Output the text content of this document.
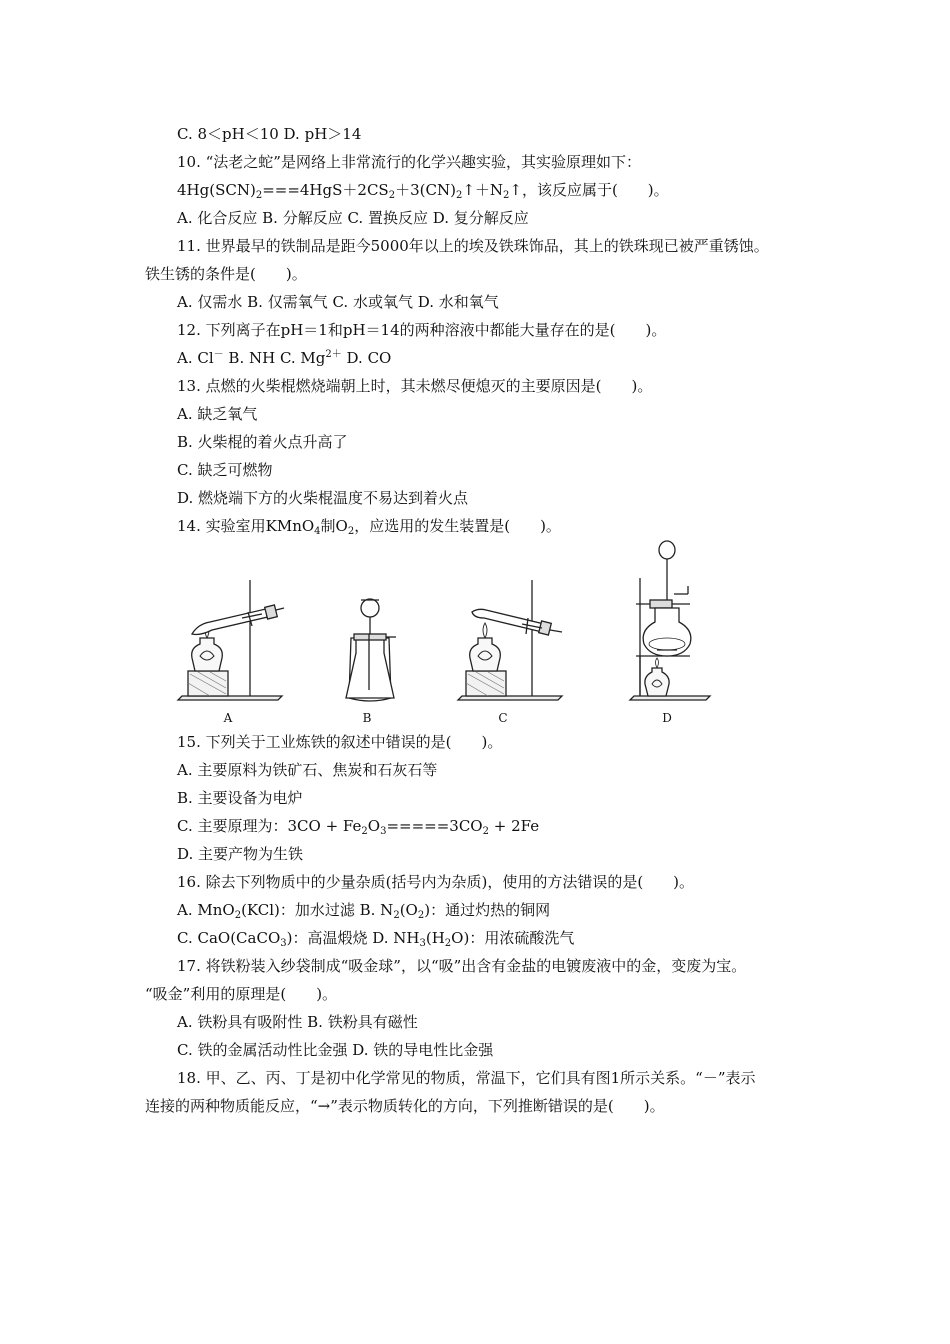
C. 8＜pH＜10 D. pH＞14
10. “法老之蛇”是网络上非常流行的化学兴趣实验，其实验原理如下：
$4Hg(SCN)_2===4HgS+2CS_2+3(CN)_2↑+N_2↑$，该反应属于(　　)。
A. 化合反应 B. 分解反应 C. 置换反应 D. 复分解反应
11. 世界最早的铁制品是距今5000年以上的埃及铁珠饰品，其上的铁珠现已被严重锈蚀。
铁生锈的条件是(　　)。
A. 仅需水 B. 仅需氧气 C. 水或氧气 D. 水和氧气
12. 下列离子在pH＝1和pH＝14的两种溶液中都能大量存在的是(　　)。
A. Cl－ B. NH C. $Mg^{2+}$ D. CO
13. 点燃的火柴棍燃烧端朝上时，其未燃尽便熄灭的主要原因是(　　)。
A. 缺乏氧气
B. 火柴棍的着火点升高了
C. 缺乏可燃物
D. 燃烧端下方的火柴棍温度不易达到着火点
14. 实验室用KMnO$_4$制$O_2$，应选用的发生装置是(　　)。
A	B	C	D
15. 下列关于工业炼铁的叙述中错误的是(　　)。
A. 主要原料为铁矿石、焦炭和石灰石等
B. 主要设备为电炉
C. 主要原理为：$3CO + Fe_2O_3=====3CO_2 + 2Fe$
D. 主要产物为生铁
16. 除去下列物质中的少量杂质(括号内为杂质)，使用的方法错误的是(　　)。
A. MnO$_2$(KCl)：加水过滤 B. $N_2(O_2)$：通过灼热的铜网
C. CaO(CaCO$_3$)：高温煅烧 D. $NH_3(H_2O)$：用浓硫酸洗气
17. 将铁粉装入纱袋制成“吸金球”，以“吸”出含有金盐的电镀废液中的金，变废为宝。
“吸金”利用的原理是(　　)。
A. 铁粉具有吸附性 B. 铁粉具有磁性
C. 铁的金属活动性比金强 D. 铁的导电性比金强
18. 甲、乙、丙、丁是初中化学常见的物质，常温下，它们具有图1所示关系。“－”表示
连接的两种物质能反应，“→”表示物质转化的方向，下列推断错误的是(　　)。
